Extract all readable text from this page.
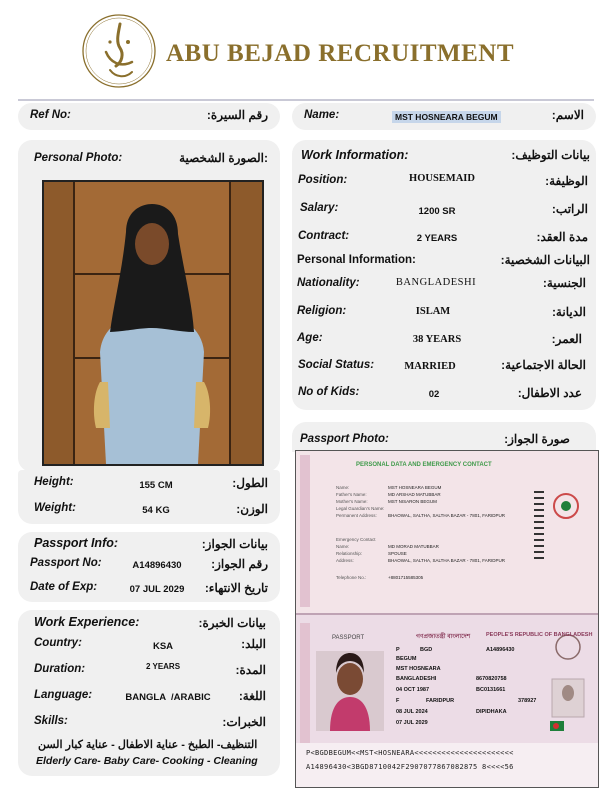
ABU BEJAD RECRUITMENT
Ref No:	رقم السيرة:	Name:	MST HOSNEARA BEGUM	الاسم:
Personal Photo:	:الصورة الشخصية	Work Information:	بيانات التوظيف:
Position:	HOUSEMAID	الوظيفة:
Salary:	1200 SR	الراتب:
Contract:	2 YEARS	مدة العقد:
Personal Information:	البيانات الشخصية:
Nationality:	BANGLADESHI	الجنسية:
Religion:	ISLAM	الديانة:
Age:	38 YEARS	العمر:
Social Status:	MARRIED	الحالة الاجتماعية:
No of Kids:	02	عدد الاطفال:
Passport Photo:	صورة الجواز:
PERSONAL DATA AND EMERGENCY CONTACT
Name:	MST HOSNEARA BEGUM
Father's Name:	MD ARSHAD MATUBBAR
Mother's Name:	MST NISARON BEGUM
Legal Guardian's Name:
Permanent Address: BHAOWAL, SALTHA, SALTHA BAZAR - 7801, FARIDPUR
Emergency Contact
Name:	MD MORAD MATUBBAR
Relationship:	SPOUSE
Address:	BHAOWAL, SALTHA, SALTHA BAZAR - 7801, FARIDPUR
Telephone No.:	+8801715585305
PASSPORT	গণপ্রজাতন্ত্রী বাংলাদেশ	PEOPLE'S REPUBLIC OF BANGLADESH
P	BGD	A14896430
BEGUM
MST HOSNEARA
BANGLADESHI	8670820758
04 OCT 1987	BC0131661
F	FARIDPUR	378927
08 JUL 2024	DIPIDHAKA
07 JUL 2029
P<BGDBEGUM<<MST<HOSNEARA<<<<<<<<<<<<<<<<<<<<<<
A14896430<3BGD8710042F2907077867082875 8<<<<56
Height:	155 CM	الطول:
Weight:	54 KG	الوزن:
Passport Info:	بيانات الجواز:
Passport No:	A14896430	رقم الجواز:
Date of Exp:	07 JUL 2029	تاريخ الانتهاء:
Work Experience:	بيانات الخبرة:
Country:	KSA	البلد:
Duration:	2 YEARS	المدة:
Language:	BANGLA  /ARABIC	اللغة:
Skills:	الخبرات:
التنظيف- الطبخ - عناية الاطفال - عناية كبار السن
Elderly Care- Baby Care- Cooking - Cleaning
